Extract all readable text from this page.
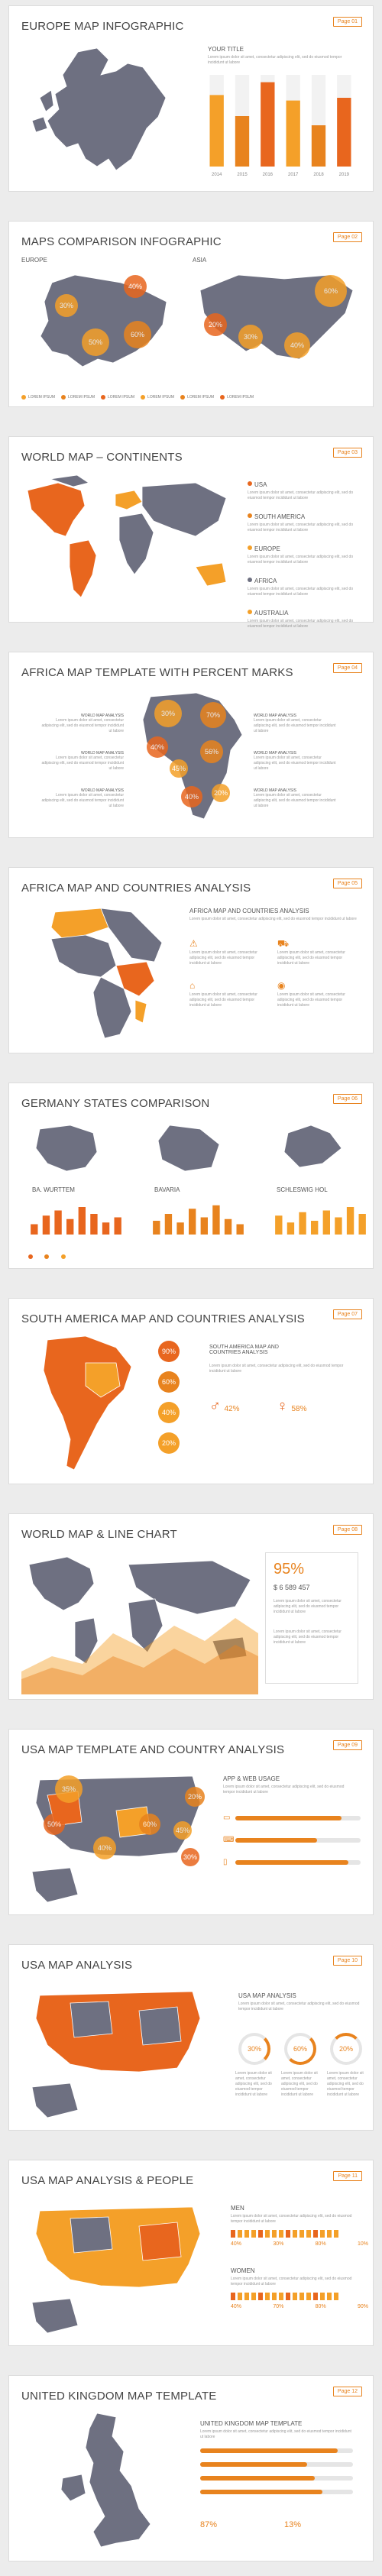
EUROPE MAP INFOGRAPHIC	Page 01
YOUR TITLE
Lorem ipsum dolor sit amet, consectetur adipiscing elit, sed do eiusmod tempor incididunt ut labore
2014	2015	2016	2017	2018	2019
MAPS COMPARISON INFOGRAPHIC	Page 02
EUROPE	ASIA
30%
40%
50%
60%
20%
30%
40%
60%
LOREM IPSUM	LOREM IPSUM	LOREM IPSUM	LOREM IPSUM	LOREM IPSUM	LOREM IPSUM
WORLD MAP – CONTINENTS	Page 03
USA
Lorem ipsum dolor sit amet, consectetur adipiscing elit, sed do eiusmod tempor incididunt ut labore
SOUTH AMERICA
Lorem ipsum dolor sit amet, consectetur adipiscing elit, sed do eiusmod tempor incididunt ut labore
EUROPE
Lorem ipsum dolor sit amet, consectetur adipiscing elit, sed do eiusmod tempor incididunt ut labore
AFRICA
Lorem ipsum dolor sit amet, consectetur adipiscing elit, sed do eiusmod tempor incididunt ut labore
AUSTRALIA
Lorem ipsum dolor sit amet, consectetur adipiscing elit, sed do eiusmod tempor incididunt ut labore
AFRICA MAP TEMPLATE WITH PERCENT MARKS	Page 04
30%	70%
40%
56%
45%
40%	20%
WORLD MAP ANALYSIS
Lorem ipsum dolor sit amet, consectetur adipiscing elit, sed do eiusmod tempor incididunt ut labore
WORLD MAP ANALYSIS
Lorem ipsum dolor sit amet, consectetur adipiscing elit, sed do eiusmod tempor incididunt ut labore
WORLD MAP ANALYSIS
Lorem ipsum dolor sit amet, consectetur adipiscing elit, sed do eiusmod tempor incididunt ut labore
WORLD MAP ANALYSIS
Lorem ipsum dolor sit amet, consectetur adipiscing elit, sed do eiusmod tempor incididunt ut labore
WORLD MAP ANALYSIS
Lorem ipsum dolor sit amet, consectetur adipiscing elit, sed do eiusmod tempor incididunt ut labore
WORLD MAP ANALYSIS
Lorem ipsum dolor sit amet, consectetur adipiscing elit, sed do eiusmod tempor incididunt ut labore
AFRICA MAP AND COUNTRIES ANALYSIS	Page 05
AFRICA MAP AND COUNTRIES ANALYSIS
Lorem ipsum dolor sit amet, consectetur adipiscing elit, sed do eiusmod tempor incididunt ut labore
⚠
Lorem ipsum dolor sit amet, consectetur adipiscing elit, sed do eiusmod tempor incididunt ut labore
⛟
Lorem ipsum dolor sit amet, consectetur adipiscing elit, sed do eiusmod tempor incididunt ut labore
⌂
Lorem ipsum dolor sit amet, consectetur adipiscing elit, sed do eiusmod tempor incididunt ut labore
◉
Lorem ipsum dolor sit amet, consectetur adipiscing elit, sed do eiusmod tempor incididunt ut labore
GERMANY STATES COMPARISON	Page 06
BA. WURTTEM	BAVARIA	SCHLESWIG HOL

SOUTH AMERICA MAP AND COUNTRIES ANALYSIS	Page 07
90%
60%
40%
20%
SOUTH AMERICA MAP AND COUNTRIES ANALYSIS
Lorem ipsum dolor sit amet, consectetur adipiscing elit, sed do eiusmod tempor incididunt ut labore
♂ 42% ♀ 58%
WORLD MAP & LINE CHART	Page 08
95%
$ 6 589 457
Lorem ipsum dolor sit amet, consectetur adipiscing elit, sed do eiusmod tempor incididunt ut labore
Lorem ipsum dolor sit amet, consectetur adipiscing elit, sed do eiusmod tempor incididunt ut labore
USA MAP TEMPLATE AND COUNTRY ANALYSIS	Page 09
35%
20%
50%	60%
45%
40%
30%
APP & WEB USAGE
Lorem ipsum dolor sit amet, consectetur adipiscing elit, sed do eiusmod tempor incididunt ut labore
▭
⌨
▯
USA MAP ANALYSIS	Page 10
USA MAP ANALYSIS
Lorem ipsum dolor sit amet, consectetur adipiscing elit, sed do eiusmod tempor incididunt ut labore
30%	60%	20%
Lorem ipsum dolor sit amet, consectetur adipiscing elit, sed do eiusmod tempor incididunt ut labore
Lorem ipsum dolor sit amet, consectetur adipiscing elit, sed do eiusmod tempor incididunt ut labore
Lorem ipsum dolor sit amet, consectetur adipiscing elit, sed do eiusmod tempor incididunt ut labore
USA MAP ANALYSIS & PEOPLE	Page 11
MEN
Lorem ipsum dolor sit amet, consectetur adipiscing elit, sed do eiusmod tempor incididunt ut labore
40%	30%	80%	10%
WOMEN
Lorem ipsum dolor sit amet, consectetur adipiscing elit, sed do eiusmod tempor incididunt ut labore
40%	70%	80%	90%
UNITED KINGDOM MAP TEMPLATE	Page 12
UNITED KINGDOM MAP TEMPLATE
Lorem ipsum dolor sit amet, consectetur adipiscing elit, sed do eiusmod tempor incididunt ut labore
87%	13%
